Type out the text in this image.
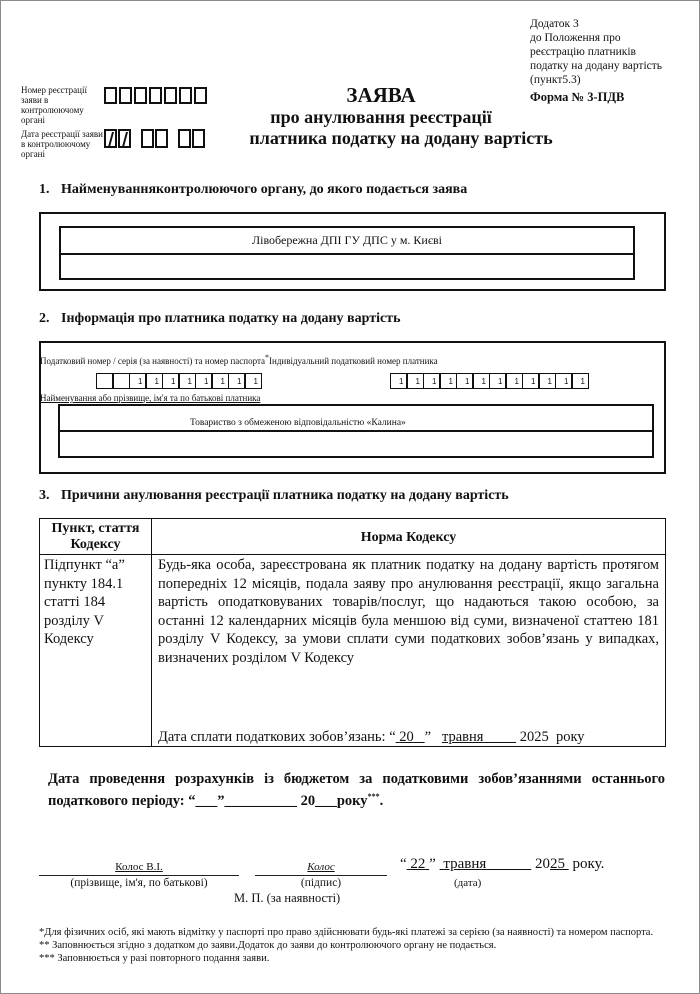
Додаток 3
до Положення про
реєстрацію платників
податку на додану вартість
(пункт5.3)
Форма № 3-ПДВ
Номер реєстрації заяви в контролюючому органі
Дата реєстрації заяви в контролюючому органі
ЗАЯВА
про анулювання реєстрації
платника податку на додану вартість
1. Найменуванняконтролюючого органу, до якого подається заява
Лівобережна ДПІ ГУ ДПС у м. Києві
2. Інформація про платника податку на додану вартість
Податковий номер / серія (за наявності) та номер паспорта*Індивідуальний податковий номер платника
1	1	1	1	1	1	1	1	1	1	1	1	1	1	1	1	1	1	1	1
Найменування або прізвище, ім'я та по батькові платника
Товариство з обмеженою відповідальністю «Калина»
3. Причини анулювання реєстрації платника податку на додану вартість
Пункт, стаття Кодексу	Норма Кодексу
Підпункт “а” пункту 184.1 статті 184 розділу V Кодексу	Будь-яка особа, зареєстрована як платник податку на додану вартість протягом попередніх 12 місяців, подала заяву про анулювання реєстрації, якщо загальна вартість оподатковуваних товарів/послуг, що надаються такою особою, за останні 12 календарних місяців була меншою від суми, визначеної статтею 181 розділу V Кодексу, за умови сплати суми податкових зобов’язань у випадках, визначених розділом V Кодексу
Дата сплати податкових зобов’язань: “ 20 ”   травня 2025 року
Дата проведення розрахунків із бюджетом за податковими зобов’язаннями останнього податкового періоду: “___”__________ 20___року***.
Колос В.І.
(прізвище, ім'я, по батькові)
Колос
(підпис)
М. П. (за наявності)
“ 22 ”  травня	2025 року.
(дата)

*Для фізичних осіб, які мають відмітку у паспорті про право здійснювати будь-які платежі за серією (за наявності) та номером паспорта.

** Заповнюється згідно з додатком до заяви.Додаток до заяви до контролюючого органу не подається.

*** Заповнюється у разі повторного подання заяви.
